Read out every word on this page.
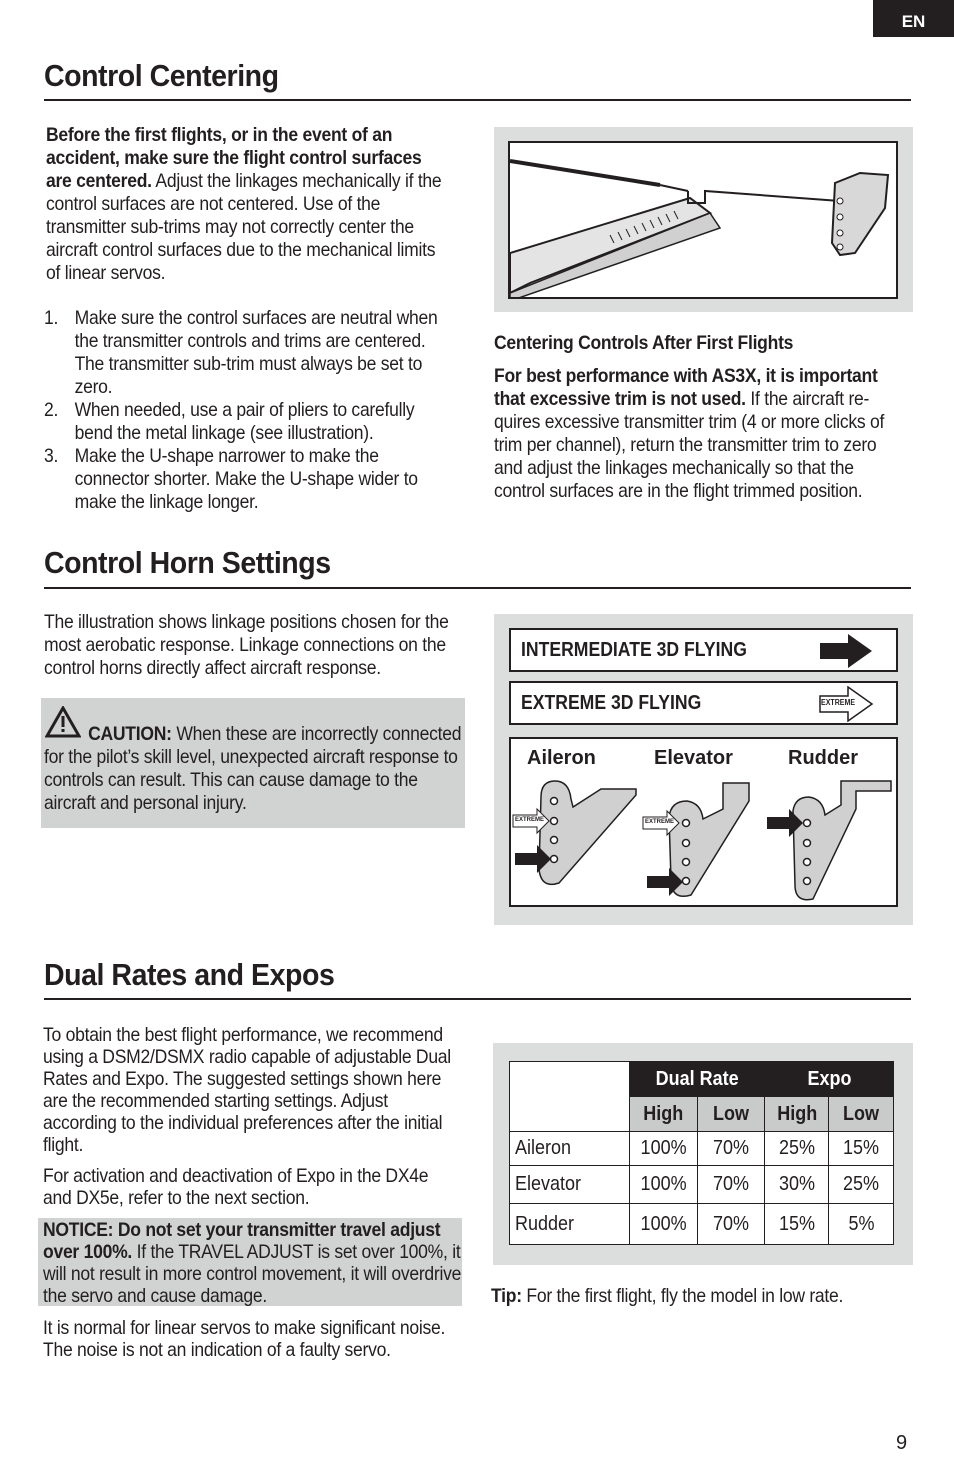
EN
Control Centering
Before the first flights, or in the event of an accident, make sure the flight control surfaces are centered. Adjust the linkages mechanically if the control surfaces are not centered. Use of the transmitter sub-trims may not correctly center the aircraft control surfaces due to the mechanical limits of linear servos.
1. Make sure the control surfaces are neutral when the transmitter controls and trims are centered. The transmitter sub-trim must always be set to zero.
2. When needed, use a pair of pliers to carefully bend the metal linkage (see illustration).
3. Make the U-shape narrower to make the connector shorter. Make the U-shape wider to make the linkage longer.
Centering Controls After First Flights
For best performance with AS3X, it is important that excessive trim is not used. If the aircraft re-quires excessive transmitter trim (4 or more clicks of trim per channel), return the transmitter trim to zero and adjust the linkages mechanically so that the control surfaces are in the flight trimmed position.
Control Horn Settings
The illustration shows linkage positions chosen for the most aerobatic response. Linkage connections on the control horns directly affect aircraft response.
CAUTION: When these are incorrectly connected for the pilot’s skill level, unexpected aircraft response to controls can result. This can cause damage to the aircraft and personal injury.
INTERMEDIATE 3D FLYING
EXTREME 3D FLYING	EXTREME
Aileron	Elevator	Rudder
EXTREME	EXTREME
Dual Rates and Expos
To obtain the best flight performance, we recommend using a DSM2/DSMX radio capable of adjustable Dual Rates and Expo. The suggested settings shown here are the recommended starting settings. Adjust according to the individual preferences after the initial flight.
For activation and deactivation of Expo in the DX4e and DX5e, refer to the next section.
NOTICE: Do not set your transmitter travel adjust over 100%. If the TRAVEL ADJUST is set over 100%, it will not result in more control movement, it will overdrive the servo and cause damage.
It is normal for linear servos to make significant noise. The noise is not an indication of a faulty servo.
	Dual Rate		Expo	
	High	Low	High	Low
Aileron	100%	70%	25%	15%
Elevator	100%	70%	30%	25%
Rudder	100%	70%	15%	5%
Tip: For the first flight, fly the model in low rate.
9
